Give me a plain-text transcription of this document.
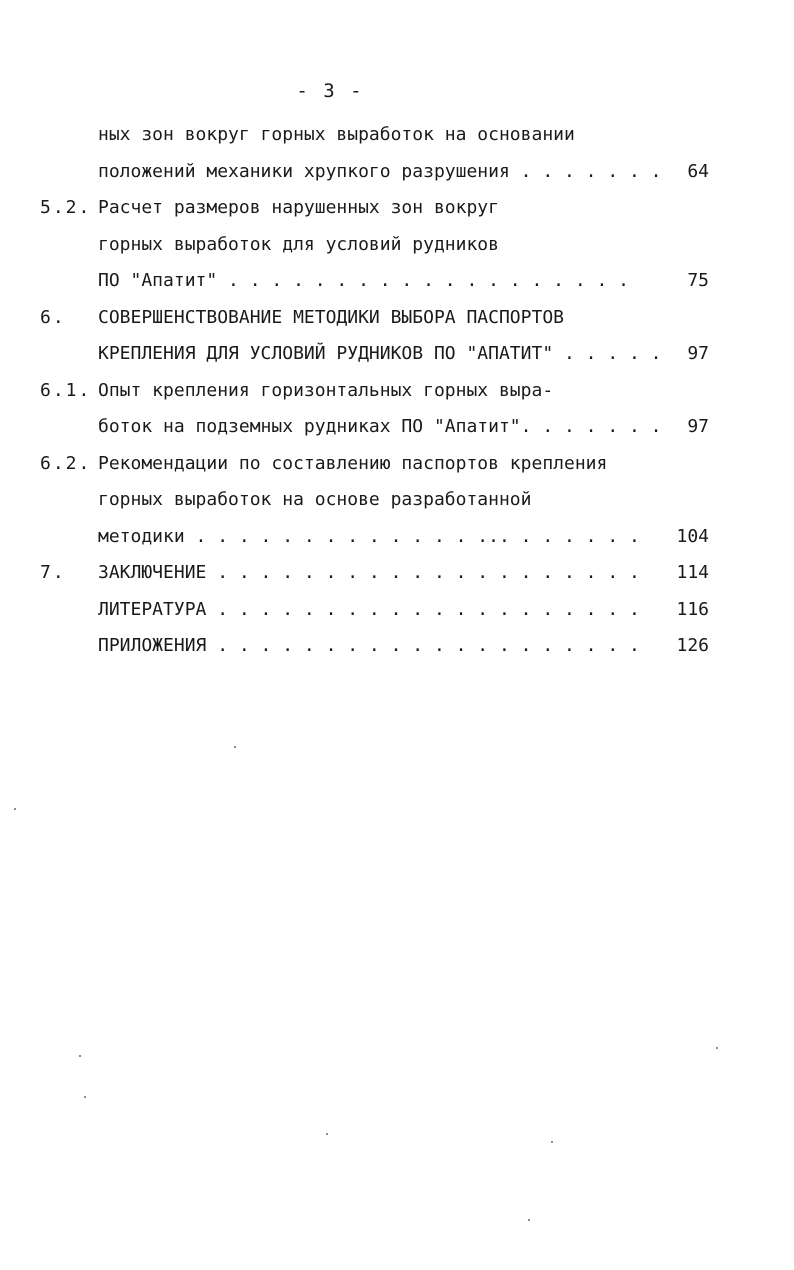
- 3 -

ных зон вокруг горных выработок на основании

положений механики хрупкого разрушения . . . . . . .

64

5.2.

Расчет размеров нарушенных зон вокруг

горных выработок для условий рудников

ПО "Апатит" . . . . . . . . . . . . . . . . . . .

	75

6.

СОВЕРШЕНСТВОВАНИЕ МЕТОДИКИ ВЫБОРА ПАСПОРТОВ

КРЕПЛЕНИЯ ДЛЯ УСЛОВИЙ РУДНИКОВ ПО "АПАТИТ" . . . . .

97

6.1.

Опыт крепления горизонтальных горных выра-

боток на подземных рудниках ПО "Апатит". . . . . . .

97

6.2.

Рекомендации по составлению паспортов крепления

горных выработок на основе разработанной

методики . . . . . . . . . . . . . ... . . . . . .

104

7.

ЗАКЛЮЧЕНИЕ . . . . . . . . . . . . . . . . . . . .

114

ЛИТЕРАТУРА . . . . . . . . . . . . . . . . . . . .

116

ПРИЛОЖЕНИЯ . . . . . . . . . . . . . . . . . . . .

126
